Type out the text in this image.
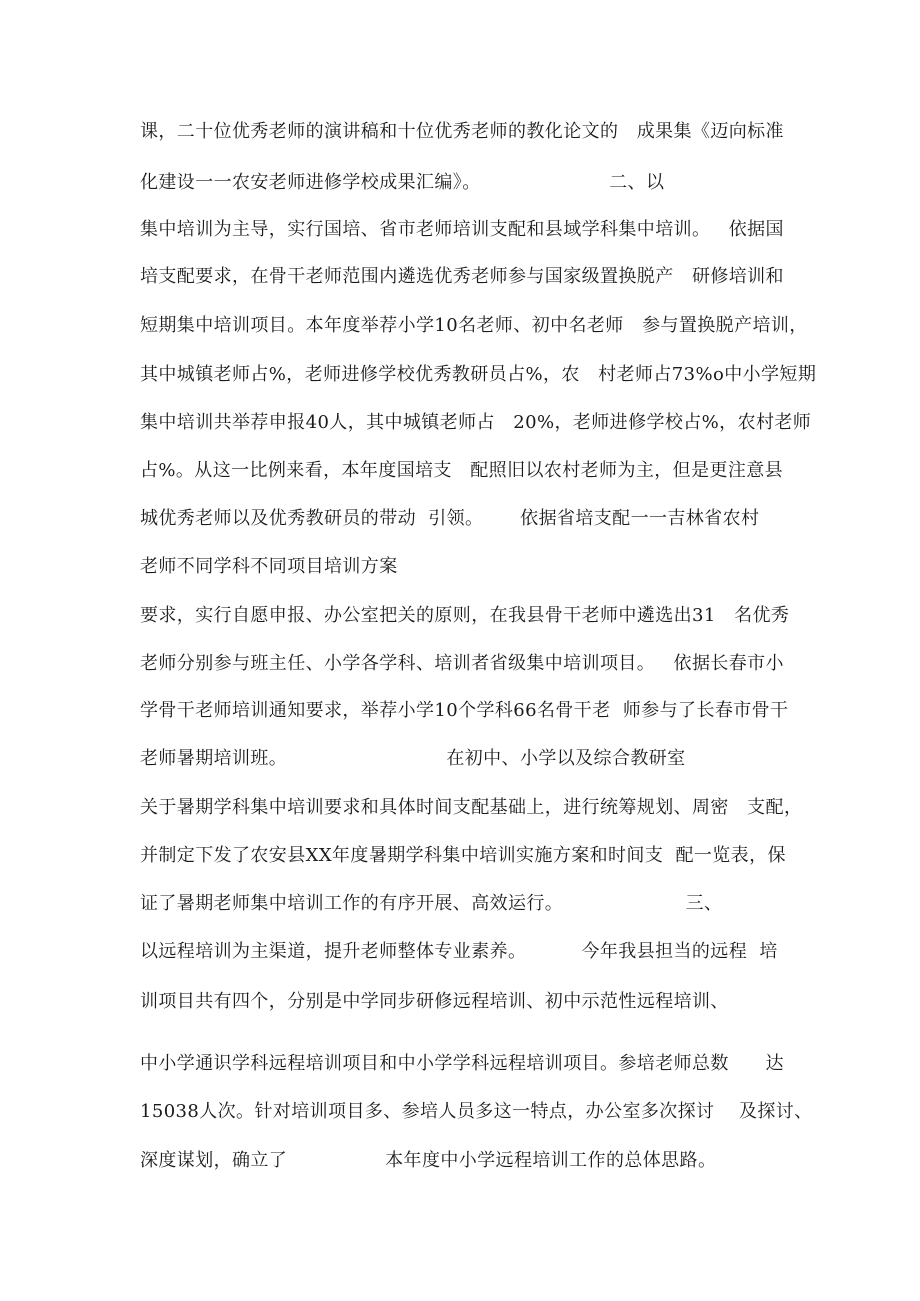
课，二十位优秀老师的演讲稿和十位优秀老师的教化论文的   成果集《迈向标准
化建设一一农安老师进修学校成果汇编》。                     二、以
集中培训为主导，实行国培、省市老师培训支配和县域学科集中培训。   依据国
培支配要求，在骨干老师范围内遴选优秀老师参与国家级置换脱产   研修培训和
短期集中培训项目。本年度举荐小学10名老师、初中名老师   参与置换脱产培训，
其中城镇老师占%，老师进修学校优秀教研员占%，农   村老师占73%o中小学短期
集中培训共举荐申报40人，其中城镇老师占   20%，老师进修学校占%，农村老师
占%。从这一比例来看，本年度国培支   配照旧以农村老师为主，但是更注意县
城优秀老师以及优秀教研员的带动  引领。      依据省培支配一一吉林省农村
老师不同学科不同项目培训方案
要求，实行自愿申报、办公室把关的原则，在我县骨干老师中遴选出31   名优秀
老师分别参与班主任、小学各学科、培训者省级集中培训项目。   依据长春市小
学骨干老师培训通知要求，举荐小学10个学科66名骨干老  师参与了长春市骨干
老师暑期培训班。                          在初中、小学以及综合教研室
关于暑期学科集中培训要求和具体时间支配基础上，进行统筹规划、周密   支配，
并制定下发了农安县XX年度暑期学科集中培训实施方案和时间支  配一览表，保
证了暑期老师集中培训工作的有序开展、高效运行。                    三、
以远程培训为主渠道，提升老师整体专业素养。         今年我县担当的远程  培
训项目共有四个，分别是中学同步研修远程培训、初中示范性远程培训、
中小学通识学科远程培训项目和中小学学科远程培训项目。参培老师总数      达
15038人次。针对培训项目多、参培人员多这一特点，办公室多次探讨    及探讨、
深度谋划，确立了                本年度中小学远程培训工作的总体思路。
